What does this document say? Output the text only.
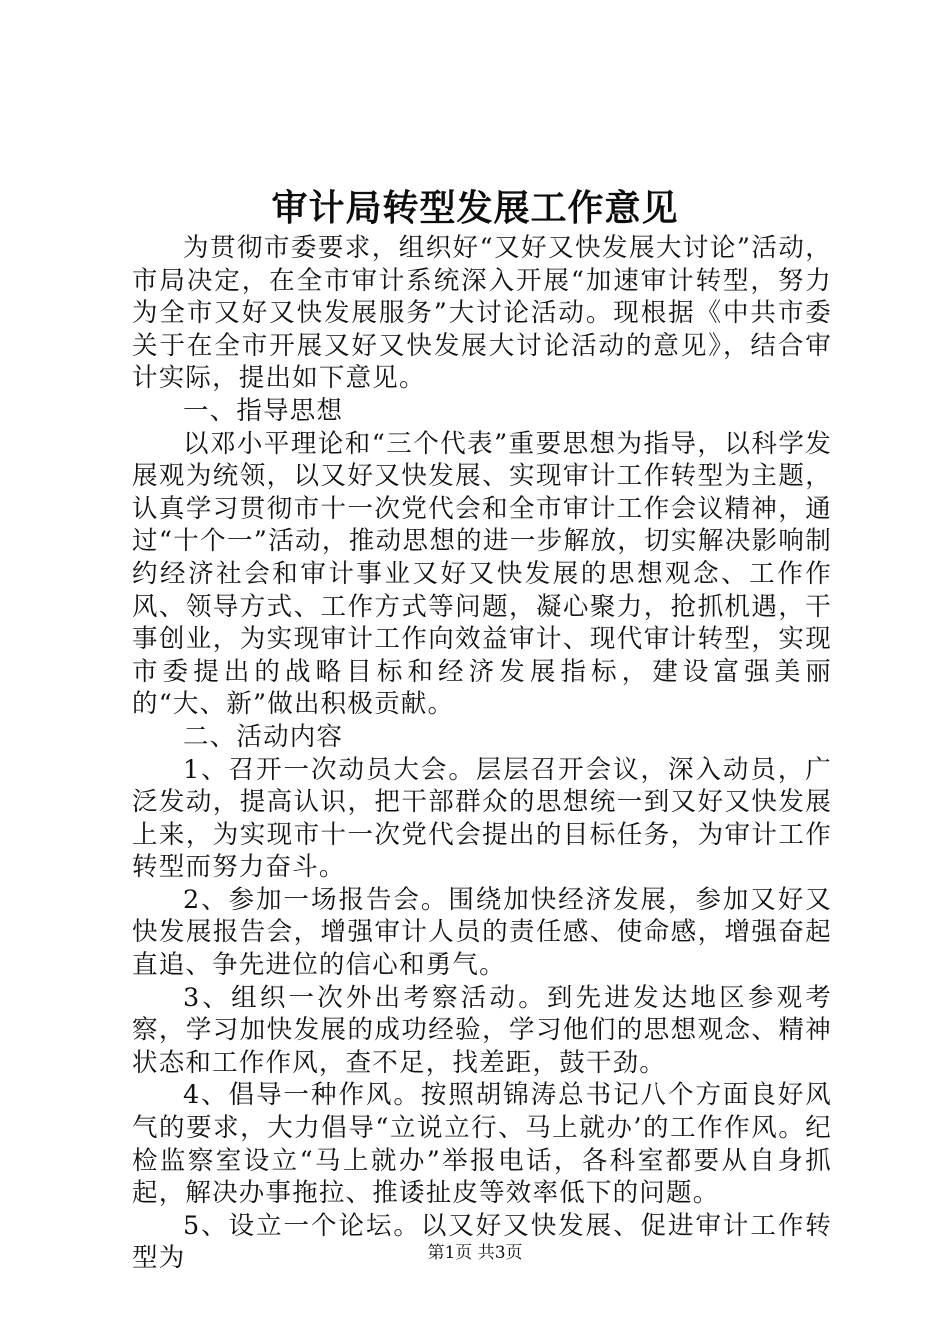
审计局转型发展工作意见

为贯彻市委要求，组织好“又好又快发展大讨论”活动，市局决定，在全市审计系统深入开展“加速审计转型，努力为全市又好又快发展服务”大讨论活动。现根据《中共市委关于在全市开展又好又快发展大讨论活动的意见》，结合审计实际，提出如下意见。

一、指导思想

以邓小平理论和“三个代表”重要思想为指导，以科学发展观为统领，以又好又快发展、实现审计工作转型为主题，认真学习贯彻市十一次党代会和全市审计工作会议精神，通过“十个一”活动，推动思想的进一步解放，切实解决影响制约经济社会和审计事业又好又快发展的思想观念、工作作风、领导方式、工作方式等问题，凝心聚力，抢抓机遇，干事创业，为实现审计工作向效益审计、现代审计转型，实现市委提出的战略目标和经济发展指标，建设富强美丽的“大、新”做出积极贡献。

二、活动内容

1、召开一次动员大会。层层召开会议，深入动员，广泛发动，提高认识，把干部群众的思想统一到又好又快发展上来，为实现市十一次党代会提出的目标任务，为审计工作转型而努力奋斗。

2、参加一场报告会。围绕加快经济发展，参加又好又快发展报告会，增强审计人员的责任感、使命感，增强奋起直追、争先进位的信心和勇气。

3、组织一次外出考察活动。到先进发达地区参观考察，学习加快发展的成功经验，学习他们的思想观念、精神状态和工作作风，查不足，找差距，鼓干劲。

4、倡导一种作风。按照胡锦涛总书记八个方面良好风气的要求，大力倡导“立说立行、马上就办’的工作作风。纪检监察室设立“马上就办”举报电话，各科室都要从自身抓起，解决办事拖拉、推诿扯皮等效率低下的问题。

5、设立一个论坛。以又好又快发展、促进审计工作转型为	第1页 共3页
